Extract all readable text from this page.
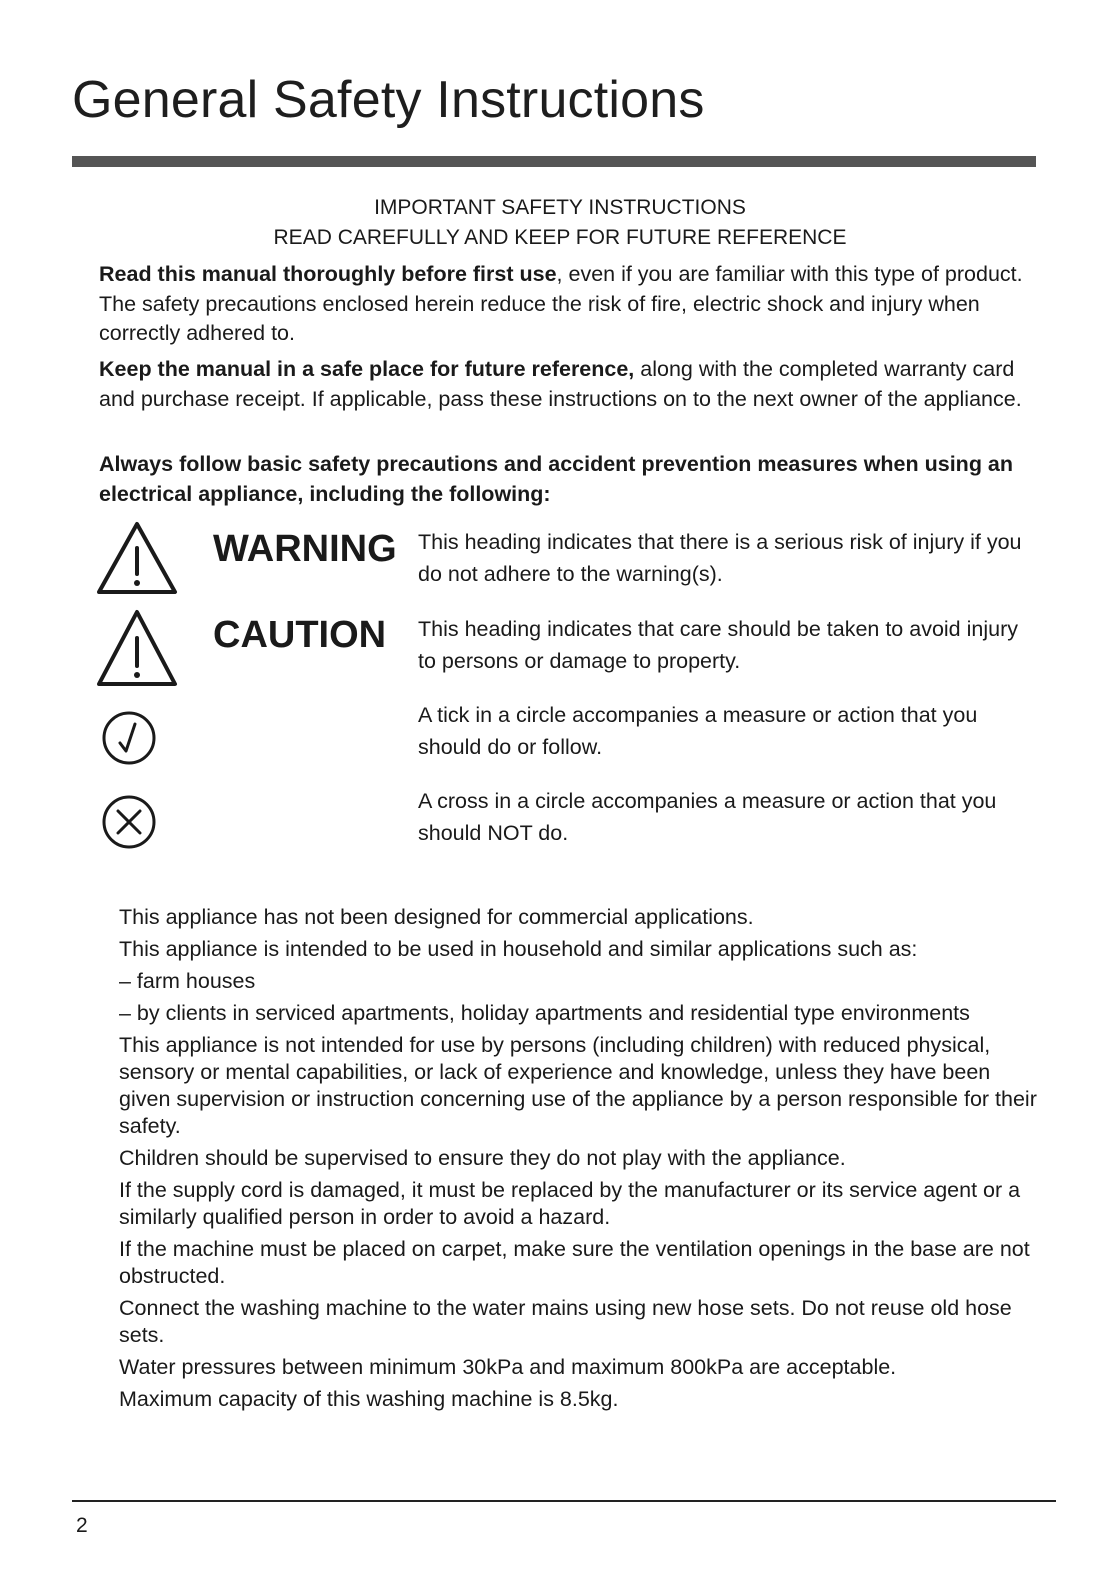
General Safety Instructions
IMPORTANT SAFETY INSTRUCTIONS
READ CAREFULLY AND KEEP FOR FUTURE REFERENCE

Read this manual thoroughly before first use, even if you are familiar with this type of product. The safety precautions enclosed herein reduce the risk of fire, electric shock and injury when correctly adhered to.

Keep the manual in a safe place for future reference, along with the completed warranty card and purchase receipt. If applicable, pass these instructions on to the next owner of the appliance.

Always follow basic safety precautions and accident prevention measures when using an electrical appliance, including the following:

WARNING This heading indicates that there is a serious risk of injury if you do not adhere to the warning(s).

CAUTION This heading indicates that care should be taken to avoid injury to persons or damage to property.

A tick in a circle accompanies a measure or action that you should do or follow.

A cross in a circle accompanies a measure or action that you should NOT do.

This appliance has not been designed for commercial applications.

This appliance is intended to be used in household and similar applications such as:

– farm houses

– by clients in serviced apartments, holiday apartments and residential type environments

This appliance is not intended for use by persons (including children) with reduced physical, sensory or mental capabilities, or lack of experience and knowledge, unless they have been given supervision or instruction concerning use of the appliance by a person responsible for their safety.

Children should be supervised to ensure they do not play with the appliance.

If the supply cord is damaged, it must be replaced by the manufacturer or its service agent or a similarly qualified person in order to avoid a hazard.

If the machine must be placed on carpet, make sure the ventilation openings in the base are not obstructed.

Connect the washing machine to the water mains using new hose sets. Do not reuse old hose sets.

Water pressures between minimum 30kPa and maximum 800kPa are acceptable.

Maximum capacity of this washing machine is 8.5kg.

2
